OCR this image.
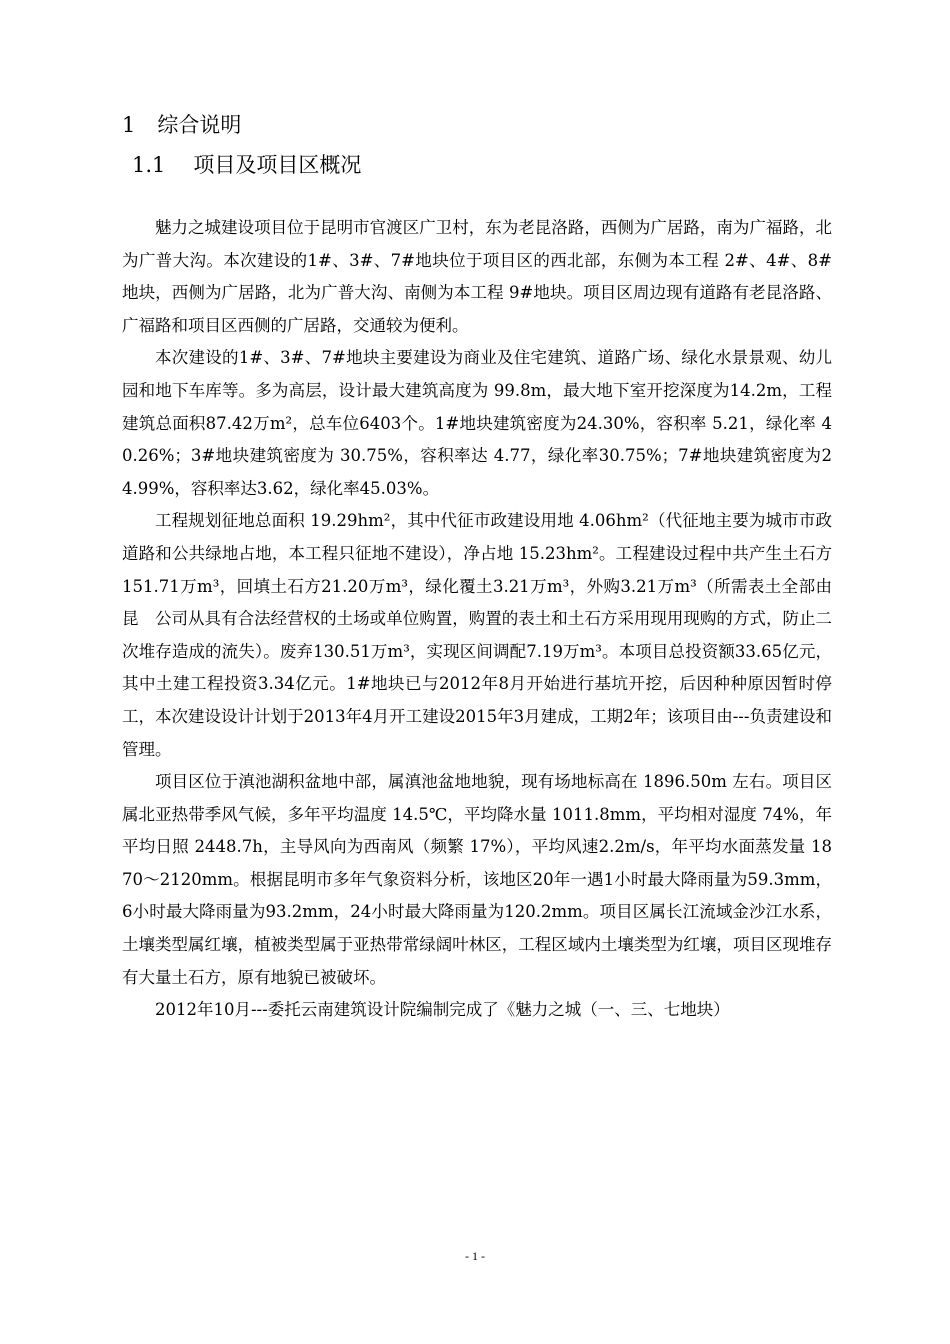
1 综合说明
1.1 项目及项目区概况

魅力之城建设项目位于昆明市官渡区广卫村，东为老昆洛路，西侧为广居路，南为广福路，北为广普大沟。本次建设的1#、3#、7#地块位于项目区的西北部，东侧为本工程 2#、4#、8#地块，西侧为广居路，北为广普大沟、南侧为本工程 9#地块。项目区周边现有道路有老昆洛路、广福路和项目区西侧的广居路，交通较为便利。

本次建设的1#、3#、7#地块主要建设为商业及住宅建筑、道路广场、绿化水景景观、幼儿园和地下车库等。多为高层，设计最大建筑高度为 99.8m，最大地下室开挖深度为14.2m，工程建筑总面积87.42万m²，总车位6403个。1#地块建筑密度为24.30%，容积率 5.21，绿化率 40.26%；3#地块建筑密度为 30.75%，容积率达 4.77，绿化率30.75%；7#地块建筑密度为24.99%，容积率达3.62，绿化率45.03%。

工程规划征地总面积 19.29hm²，其中代征市政建设用地 4.06hm²（代征地主要为城市市政道路和公共绿地占地，本工程只征地不建设），净占地 15.23hm²。工程建设过程中共产生土石方151.71万m³，回填土石方21.20万m³，绿化覆土3.21万m³，外购3.21万m³（所需表土全部由昆　公司从具有合法经营权的土场或单位购置，购置的表土和土石方采用现用现购的方式，防止二次堆存造成的流失）。废弃130.51万m³，实现区间调配7.19万m³。本项目总投资额33.65亿元，其中土建工程投资3.34亿元。1#地块已与2012年8月开始进行基坑开挖，后因种种原因暂时停工，本次建设设计计划于2013年4月开工建设2015年3月建成，工期2年；该项目由---负责建设和管理。

项目区位于滇池湖积盆地中部，属滇池盆地地貌，现有场地标高在 1896.50m 左右。项目区属北亚热带季风气候，多年平均温度 14.5℃，平均降水量 1011.8mm，平均相对湿度 74%，年平均日照 2448.7h，主导风向为西南风（频繁 17%），平均风速2.2m/s，年平均水面蒸发量 1870～2120mm。根据昆明市多年气象资料分析，该地区20年一遇1小时最大降雨量为59.3mm，6小时最大降雨量为93.2mm，24小时最大降雨量为120.2mm。项目区属长江流域金沙江水系，土壤类型属红壤，植被类型属于亚热带常绿阔叶林区，工程区域内土壤类型为红壤，项目区现堆存有大量土石方，原有地貌已被破坏。

2012年10月---委托云南建筑设计院编制完成了《魅力之城（一、三、七地块）

- 1 -
